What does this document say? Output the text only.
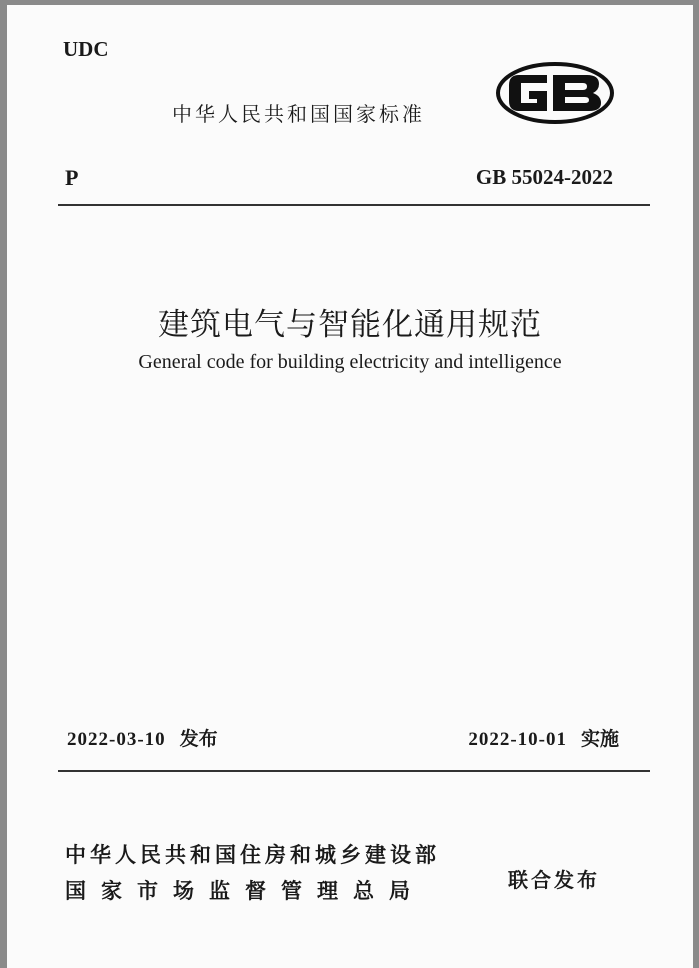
UDC
中华人民共和国国家标准
P	GB 55024-2022
建筑电气与智能化通用规范
General code for building electricity and intelligence
2022-03-10 发布	2022-10-01 实施
中华人民共和国住房和城乡建设部
国家市场监督管理总局	联合发布
